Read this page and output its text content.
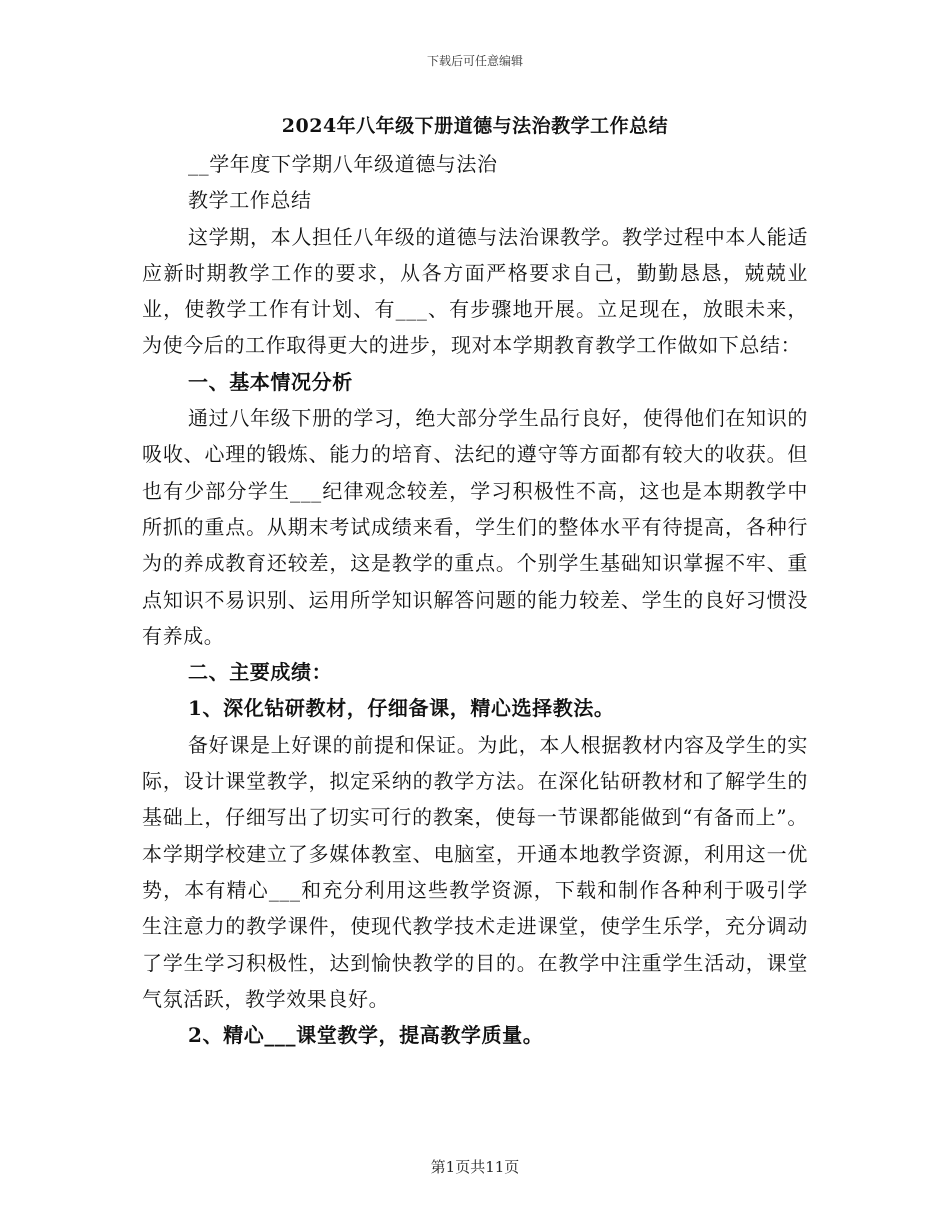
下载后可任意编辑
2024年八年级下册道德与法治教学工作总结

__学年度下学期八年级道德与法治

教学工作总结

这学期，本人担任八年级的道德与法治课教学。教学过程中本人能适应新时期教学工作的要求，从各方面严格要求自己，勤勤恳恳，兢兢业业，使教学工作有计划、有___、有步骤地开展。立足现在，放眼未来，为使今后的工作取得更大的进步，现对本学期教育教学工作做如下总结：

一、基本情况分析

通过八年级下册的学习，绝大部分学生品行良好，使得他们在知识的吸收、心理的锻炼、能力的培育、法纪的遵守等方面都有较大的收获。但也有少部分学生___纪律观念较差，学习积极性不高，这也是本期教学中所抓的重点。从期末考试成绩来看，学生们的整体水平有待提高，各种行为的养成教育还较差，这是教学的重点。个别学生基础知识掌握不牢、重点知识不易识别、运用所学知识解答问题的能力较差、学生的良好习惯没有养成。

二、主要成绩：

1、深化钻研教材，仔细备课，精心选择教法。

备好课是上好课的前提和保证。为此，本人根据教材内容及学生的实际，设计课堂教学，拟定采纳的教学方法。在深化钻研教材和了解学生的基础上，仔细写出了切实可行的教案，使每一节课都能做到“有备而上”。本学期学校建立了多媒体教室、电脑室，开通本地教学资源，利用这一优势，本有精心___和充分利用这些教学资源，下载和制作各种利于吸引学生注意力的教学课件，使现代教学技术走进课堂，使学生乐学，充分调动了学生学习积极性，达到愉快教学的目的。在教学中注重学生活动，课堂气氛活跃，教学效果良好。

2、精心___课堂教学，提高教学质量。

第1页共11页
